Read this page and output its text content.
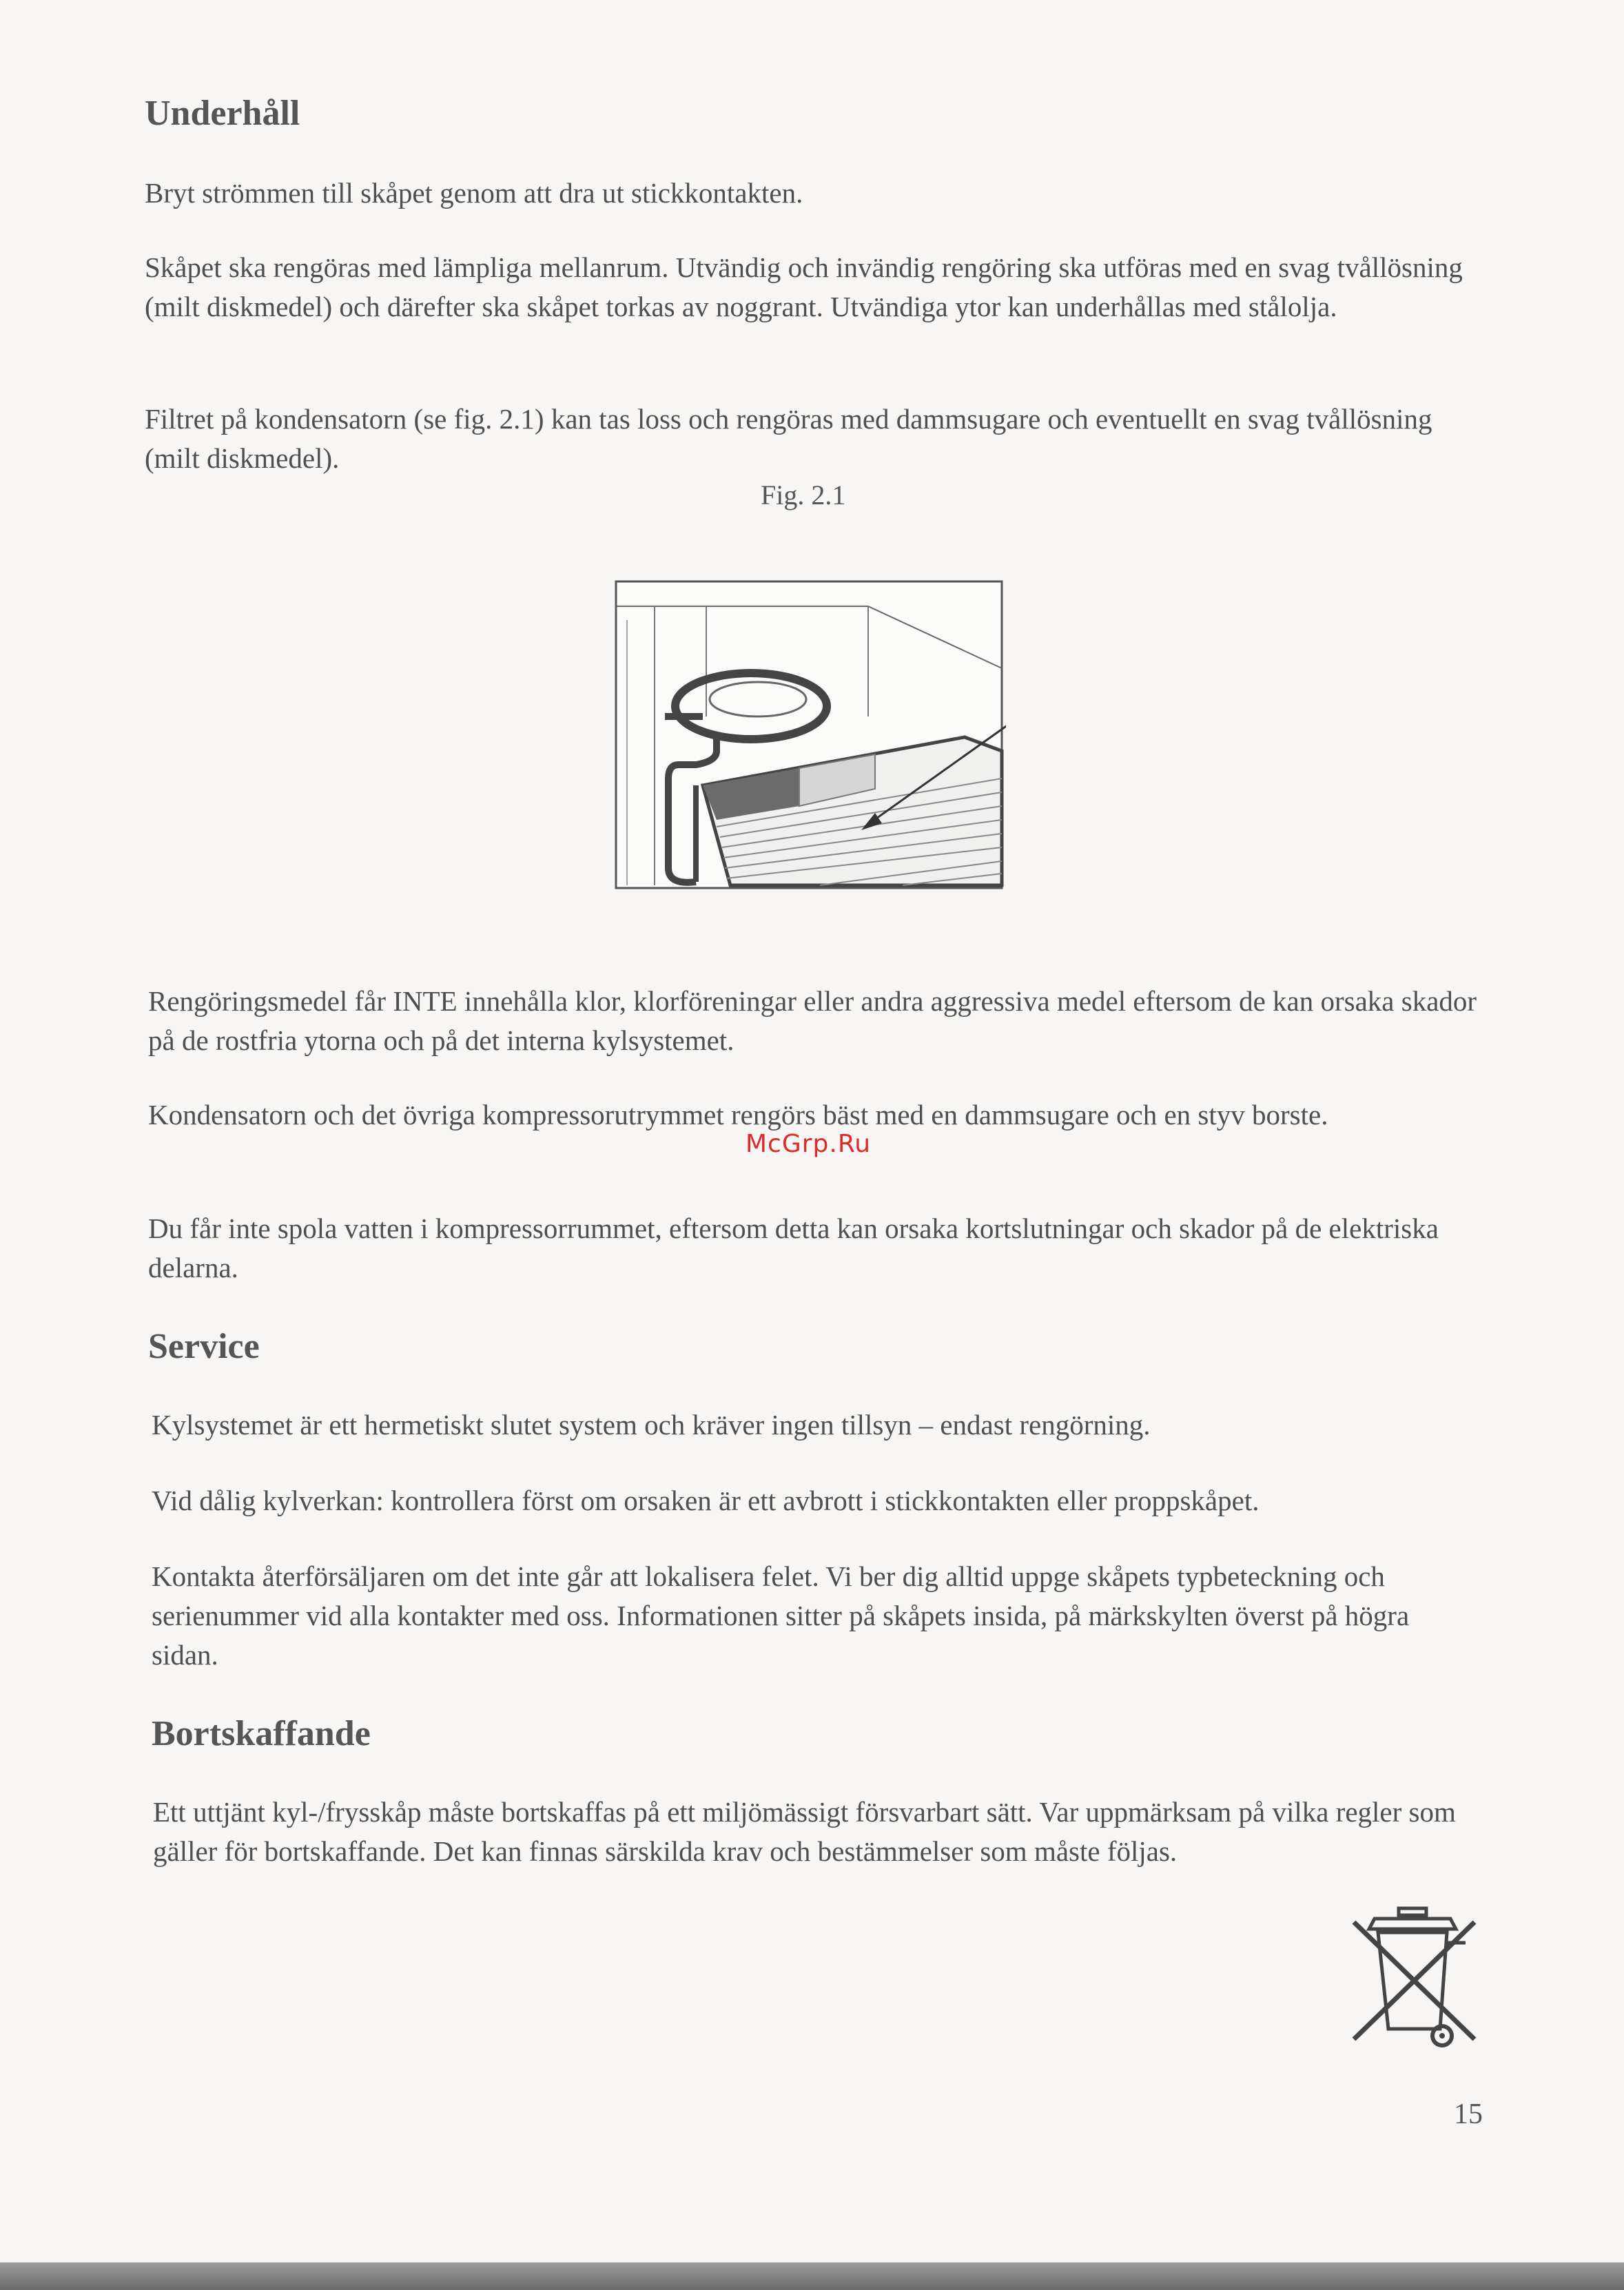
Underhåll

Bryt strömmen till skåpet genom att dra ut stickkontakten.

Skåpet ska rengöras med lämpliga mellanrum. Utvändig och invändig rengöring ska utföras med en svag tvållösning (milt diskmedel) och därefter ska skåpet torkas av noggrant. Utvändiga ytor kan underhållas med stålolja.

Filtret på kondensatorn (se fig. 2.1) kan tas loss och rengöras med dammsugare och eventuellt en svag tvållösning (milt diskmedel).

Fig. 2.1

Rengöringsmedel får INTE innehålla klor, klorföreningar eller andra aggressiva medel eftersom de kan orsaka skador på de rostfria ytorna och på det interna kylsystemet.

Kondensatorn och det övriga kompressorutrymmet rengörs bäst med en dammsugare och en styv borste.

McGrp.Ru

Du får inte spola vatten i kompressorrummet, eftersom detta kan orsaka kortslutningar och skador på de elektriska delarna.

Service

Kylsystemet är ett hermetiskt slutet system och kräver ingen tillsyn – endast rengörning.

Vid dålig kylverkan: kontrollera först om orsaken är ett avbrott i stickkontakten eller proppskåpet.

Kontakta återförsäljaren om det inte går att lokalisera felet. Vi ber dig alltid uppge skåpets typbeteckning och serienummer vid alla kontakter med oss. Informationen sitter på skåpets insida, på märkskylten överst på högra sidan.

Bortskaffande

Ett uttjänt kyl-/frysskåp måste bortskaffas på ett miljömässigt försvarbart sätt. Var uppmärksam på vilka regler som gäller för bortskaffande. Det kan finnas särskilda krav och bestämmelser som måste följas.

15
